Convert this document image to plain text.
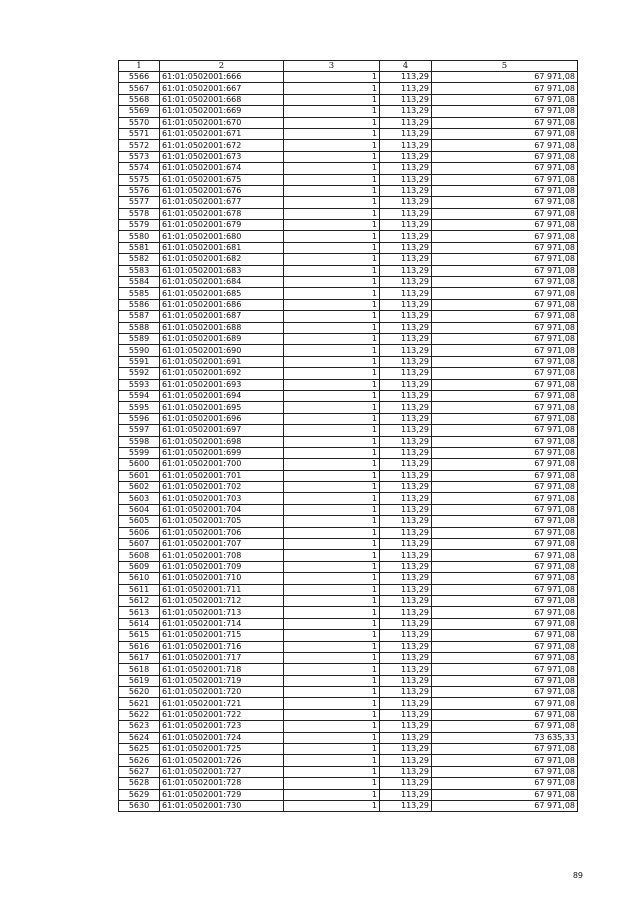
1	2	3	4	5
5566	61:01:0502001:666	1	113,29	67 971,08
5567	61:01:0502001:667	1	113,29	67 971,08
5568	61:01:0502001:668	1	113,29	67 971,08
5569	61:01:0502001:669	1	113,29	67 971,08
5570	61:01:0502001:670	1	113,29	67 971,08
5571	61:01:0502001:671	1	113,29	67 971,08
5572	61:01:0502001:672	1	113,29	67 971,08
5573	61:01:0502001:673	1	113,29	67 971,08
5574	61:01:0502001:674	1	113,29	67 971,08
5575	61:01:0502001:675	1	113,29	67 971,08
5576	61:01:0502001:676	1	113,29	67 971,08
5577	61:01:0502001:677	1	113,29	67 971,08
5578	61:01:0502001:678	1	113,29	67 971,08
5579	61:01:0502001:679	1	113,29	67 971,08
5580	61:01:0502001:680	1	113,29	67 971,08
5581	61:01:0502001:681	1	113,29	67 971,08
5582	61:01:0502001:682	1	113,29	67 971,08
5583	61:01:0502001:683	1	113,29	67 971,08
5584	61:01:0502001:684	1	113,29	67 971,08
5585	61:01:0502001:685	1	113,29	67 971,08
5586	61:01:0502001:686	1	113,29	67 971,08
5587	61:01:0502001:687	1	113,29	67 971,08
5588	61:01:0502001:688	1	113,29	67 971,08
5589	61:01:0502001:689	1	113,29	67 971,08
5590	61:01:0502001:690	1	113,29	67 971,08
5591	61:01:0502001:691	1	113,29	67 971,08
5592	61:01:0502001:692	1	113,29	67 971,08
5593	61:01:0502001:693	1	113,29	67 971,08
5594	61:01:0502001:694	1	113,29	67 971,08
5595	61:01:0502001:695	1	113,29	67 971,08
5596	61:01:0502001:696	1	113,29	67 971,08
5597	61:01:0502001:697	1	113,29	67 971,08
5598	61:01:0502001:698	1	113,29	67 971,08
5599	61:01:0502001:699	1	113,29	67 971,08
5600	61:01:0502001:700	1	113,29	67 971,08
5601	61:01:0502001:701	1	113,29	67 971,08
5602	61:01:0502001:702	1	113,29	67 971,08
5603	61:01:0502001:703	1	113,29	67 971,08
5604	61:01:0502001:704	1	113,29	67 971,08
5605	61:01:0502001:705	1	113,29	67 971,08
5606	61:01:0502001:706	1	113,29	67 971,08
5607	61:01:0502001:707	1	113,29	67 971,08
5608	61:01:0502001:708	1	113,29	67 971,08
5609	61:01:0502001:709	1	113,29	67 971,08
5610	61:01:0502001:710	1	113,29	67 971,08
5611	61:01:0502001:711	1	113,29	67 971,08
5612	61:01:0502001:712	1	113,29	67 971,08
5613	61:01:0502001:713	1	113,29	67 971,08
5614	61:01:0502001:714	1	113,29	67 971,08
5615	61:01:0502001:715	1	113,29	67 971,08
5616	61:01:0502001:716	1	113,29	67 971,08
5617	61:01:0502001:717	1	113,29	67 971,08
5618	61:01:0502001:718	1	113,29	67 971,08
5619	61:01:0502001:719	1	113,29	67 971,08
5620	61:01:0502001:720	1	113,29	67 971,08
5621	61:01:0502001:721	1	113,29	67 971,08
5622	61:01:0502001:722	1	113,29	67 971,08
5623	61:01:0502001:723	1	113,29	67 971,08
5624	61:01:0502001:724	1	113,29	73 635,33
5625	61:01:0502001:725	1	113,29	67 971,08
5626	61:01:0502001:726	1	113,29	67 971,08
5627	61:01:0502001:727	1	113,29	67 971,08
5628	61:01:0502001:728	1	113,29	67 971,08
5629	61:01:0502001:729	1	113,29	67 971,08
5630	61:01:0502001:730	1	113,29	67 971,08
89
